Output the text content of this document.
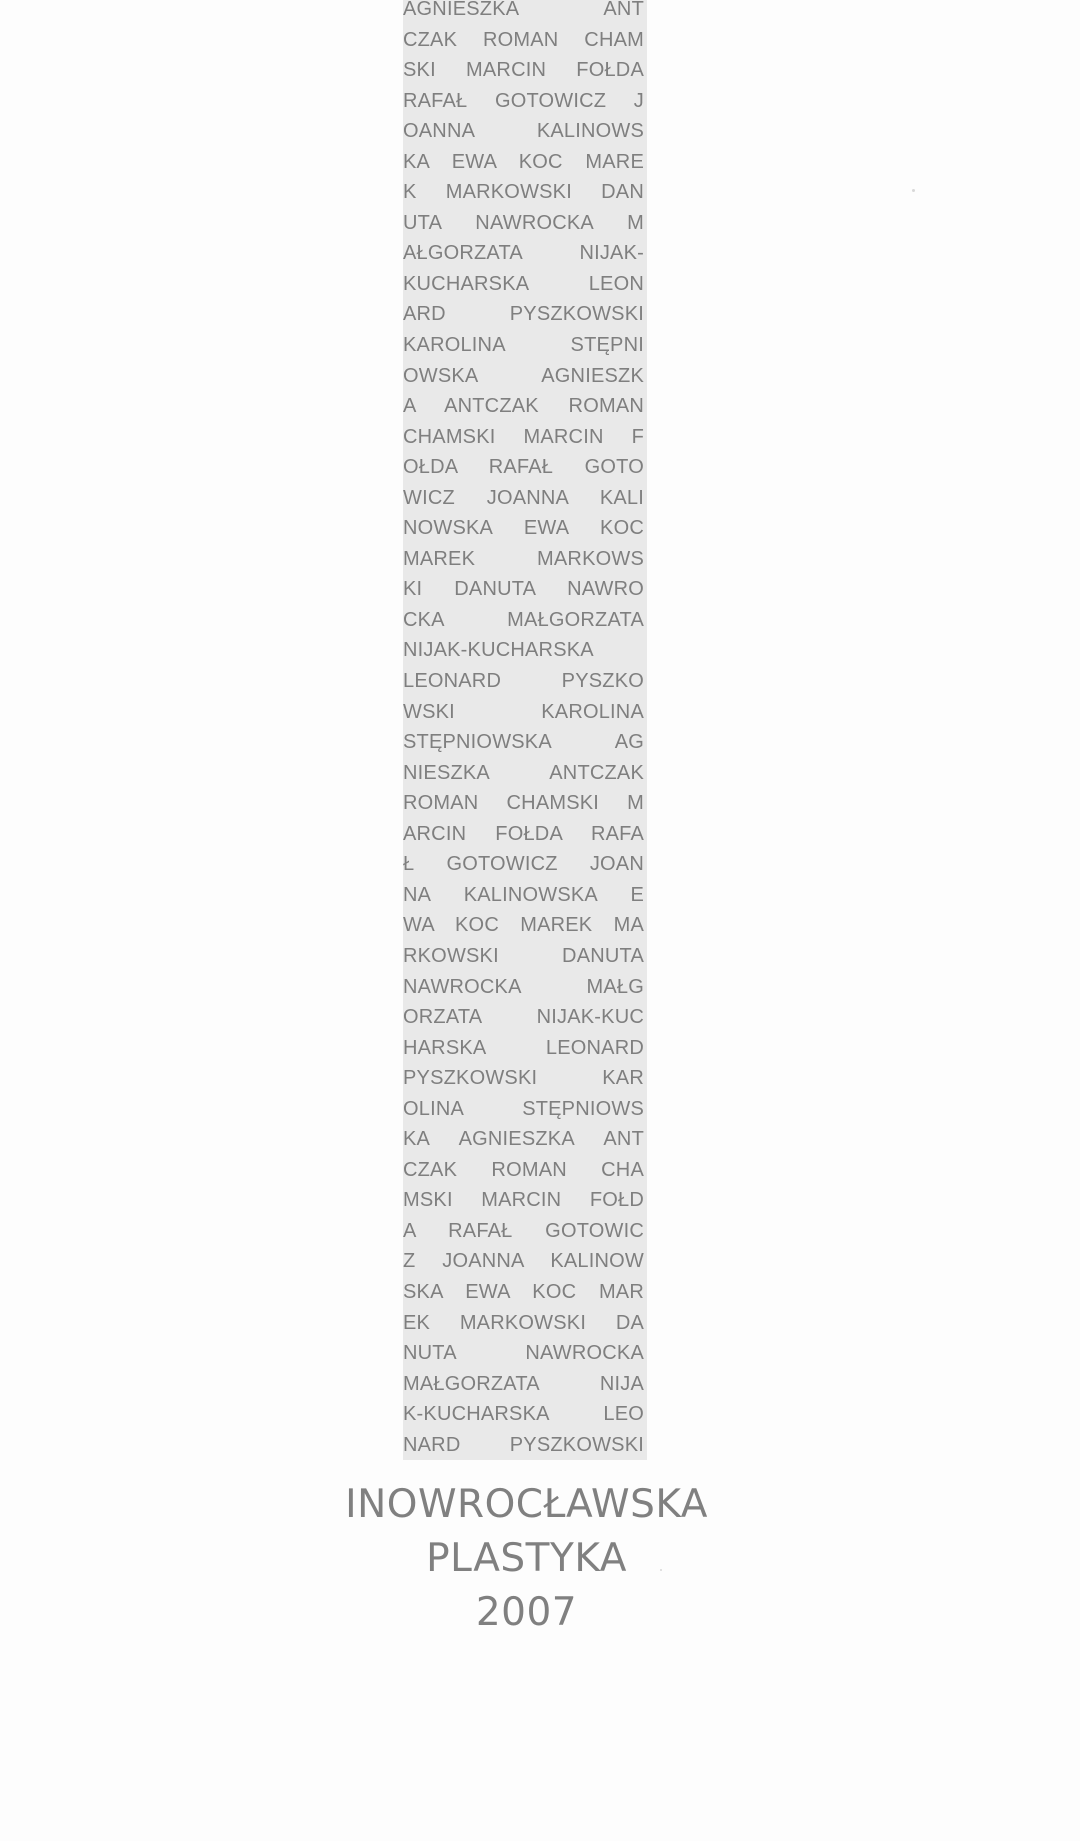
AGNIESZKA ANT
CZAK ROMAN CHAM
SKI MARCIN FOŁDA
RAFAŁ GOTOWICZ J
OANNA KALINOWS
KA EWA KOC MARE
K MARKOWSKI DAN
UTA NAWROCKA M
AŁGORZATA NIJAK-
KUCHARSKA LEON
ARD PYSZKOWSKI
KAROLINA STĘPNI
OWSKA AGNIESZK
A ANTCZAK ROMAN
CHAMSKI MARCIN F
OŁDA RAFAŁ GOTO
WICZ JOANNA KALI
NOWSKA EWA KOC
MAREK MARKOWS
KI DANUTA NAWRO
CKA MAŁGORZATA
NIJAK-KUCHARSKA
LEONARD PYSZKO
WSKI KAROLINA
STĘPNIOWSKA AG
NIESZKA ANTCZAK
ROMAN CHAMSKI M
ARCIN FOŁDA RAFA
Ł GOTOWICZ JOAN
NA KALINOWSKA E
WA KOC MAREK MA
RKOWSKI DANUTA
NAWROCKA MAŁG
ORZATA NIJAK-KUC
HARSKA LEONARD
PYSZKOWSKI KAR
OLINA STĘPNIOWS
KA AGNIESZKA ANT
CZAK ROMAN CHA
MSKI MARCIN FOŁD
A RAFAŁ GOTOWIC
Z JOANNA KALINOW
SKA EWA KOC MAR
EK MARKOWSKI DA
NUTA NAWROCKA
MAŁGORZATA NIJA
K-KUCHARSKA LEO
NARD PYSZKOWSKI
INOWROCŁAWSKA
PLASTYKA
2007
